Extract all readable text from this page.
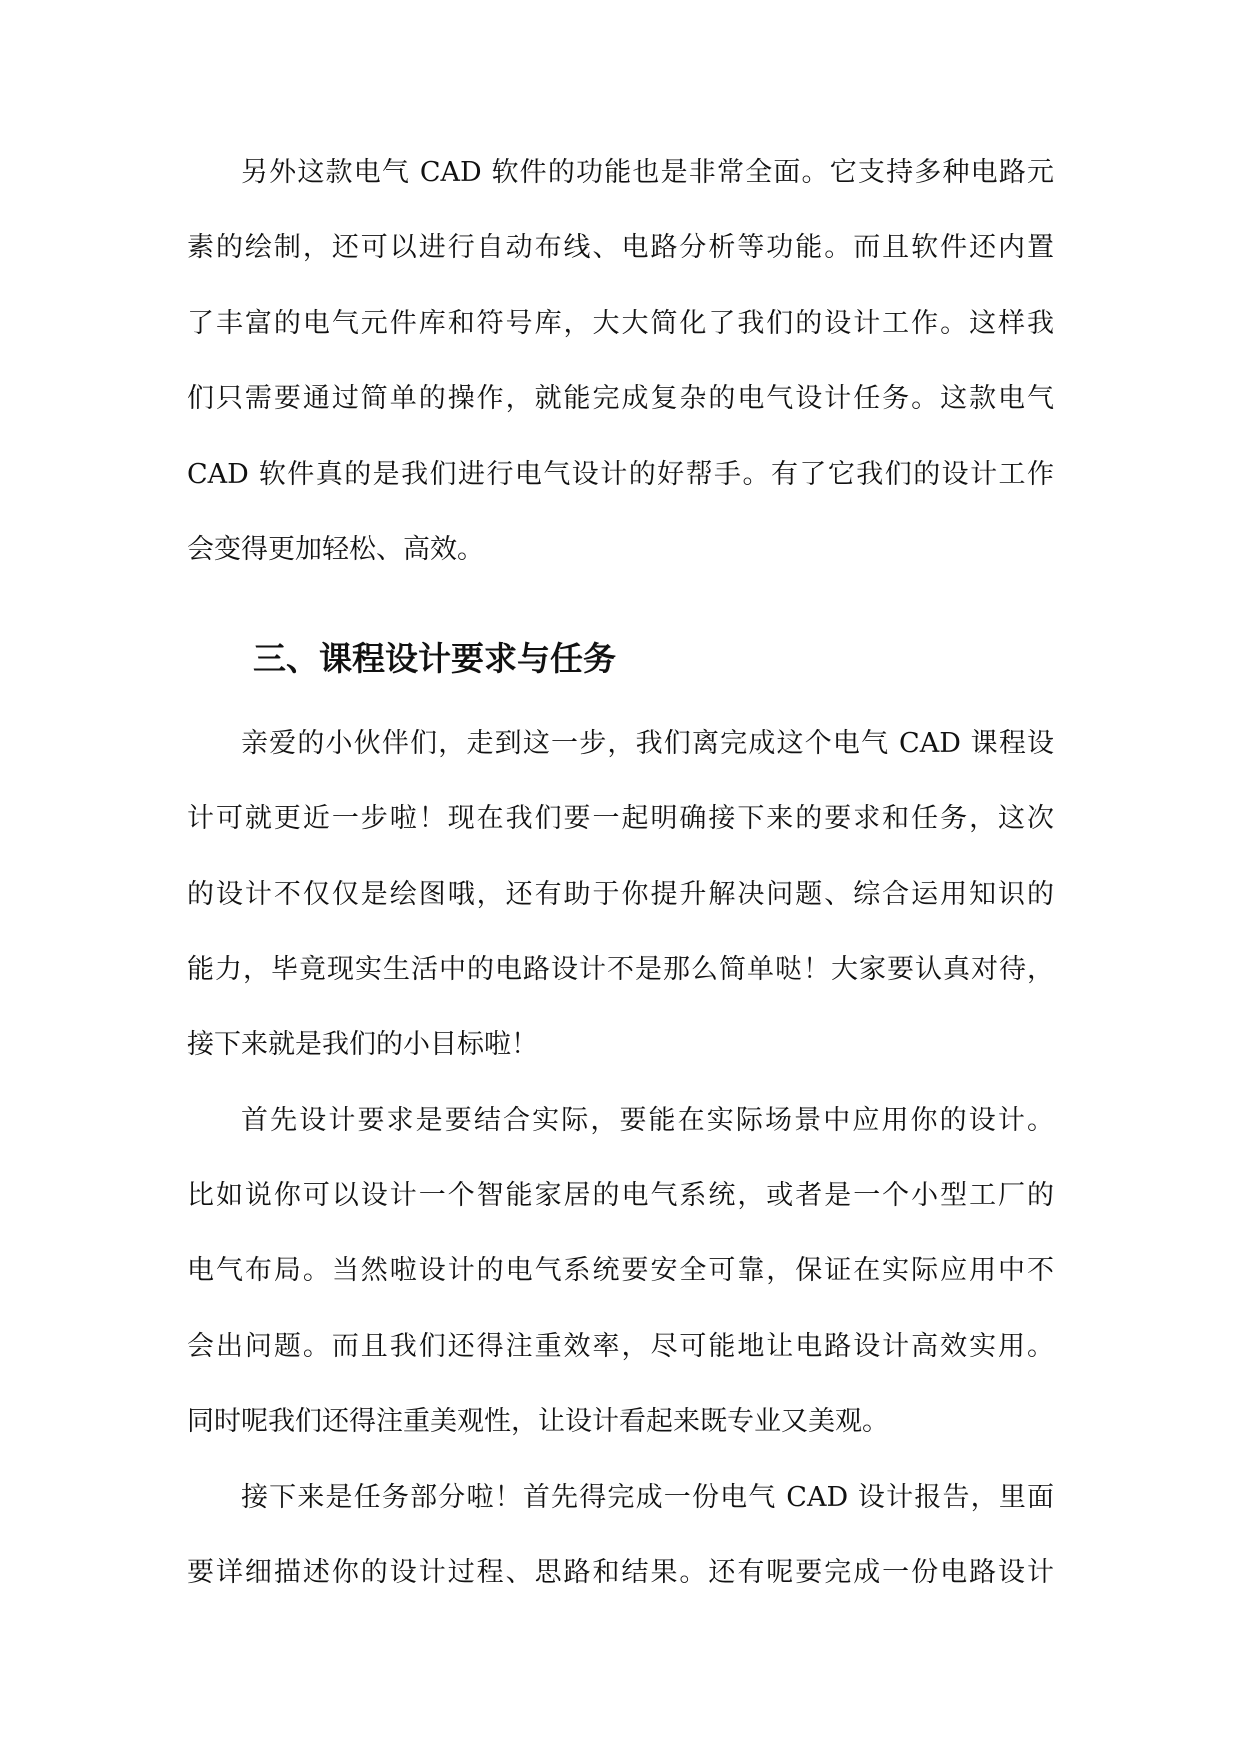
另外这款电气 CAD 软件的功能也是非常全面。它支持多种电路元
素的绘制，还可以进行自动布线、电路分析等功能。而且软件还内置
了丰富的电气元件库和符号库，大大简化了我们的设计工作。这样我
们只需要通过简单的操作，就能完成复杂的电气设计任务。这款电气
CAD 软件真的是我们进行电气设计的好帮手。有了它我们的设计工作
会变得更加轻松、高效。
三、课程设计要求与任务
亲爱的小伙伴们，走到这一步，我们离完成这个电气 CAD 课程设
计可就更近一步啦！现在我们要一起明确接下来的要求和任务，这次
的设计不仅仅是绘图哦，还有助于你提升解决问题、综合运用知识的
能力，毕竟现实生活中的电路设计不是那么简单哒！大家要认真对待，
接下来就是我们的小目标啦！
首先设计要求是要结合实际，要能在实际场景中应用你的设计。
比如说你可以设计一个智能家居的电气系统，或者是一个小型工厂的
电气布局。当然啦设计的电气系统要安全可靠，保证在实际应用中不
会出问题。而且我们还得注重效率，尽可能地让电路设计高效实用。
同时呢我们还得注重美观性，让设计看起来既专业又美观。
接下来是任务部分啦！首先得完成一份电气 CAD 设计报告，里面
要详细描述你的设计过程、思路和结果。还有呢要完成一份电路设计
